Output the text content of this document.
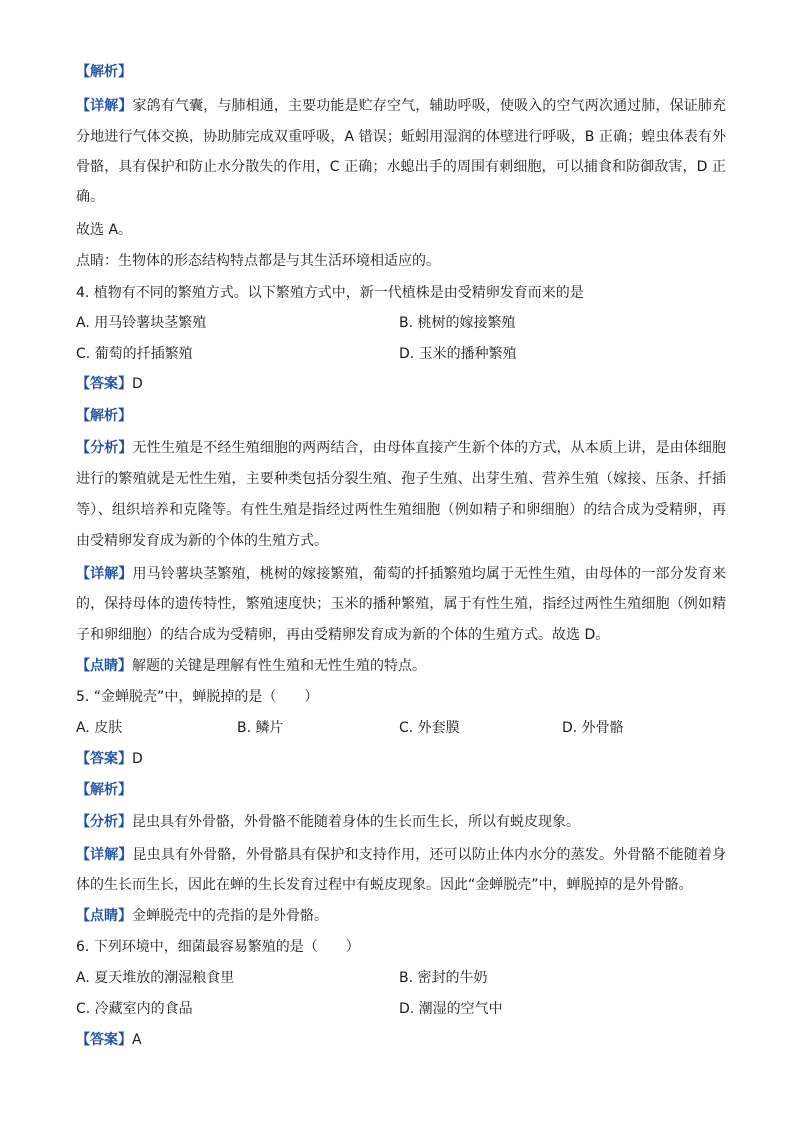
【解析】
【详解】家鸽有气囊，与肺相通，主要功能是贮存空气，辅助呼吸，使吸入的空气两次通过肺，保证肺充
分地进行气体交换，协助肺完成双重呼吸，A 错误；蚯蚓用湿润的体壁进行呼吸，B 正确；蝗虫体表有外
骨骼，具有保护和防止水分散失的作用，C 正确；水螅出手的周围有刺细胞，可以捕食和防御敌害，D 正
确。
故选 A。
点睛：生物体的形态结构特点都是与其生活环境相适应的。
4. 植物有不同的繁殖方式。以下繁殖方式中，新一代植株是由受精卵发育而来的是
A. 用马铃薯块茎繁殖	B. 桃树的嫁接繁殖
C. 葡萄的扦插繁殖	D. 玉米的播种繁殖
【答案】D
【解析】
【分析】无性生殖是不经生殖细胞的两两结合，由母体直接产生新个体的方式，从本质上讲，是由体细胞
进行的繁殖就是无性生殖，主要种类包括分裂生殖、孢子生殖、出芽生殖、营养生殖（嫁接、压条、扦插
等）、组织培养和克隆等。有性生殖是指经过两性生殖细胞（例如精子和卵细胞）的结合成为受精卵，再
由受精卵发育成为新的个体的生殖方式。
【详解】用马铃薯块茎繁殖，桃树的嫁接繁殖，葡萄的扦插繁殖均属于无性生殖，由母体的一部分发育来
的，保持母体的遗传特性，繁殖速度快；玉米的播种繁殖，属于有性生殖，指经过两性生殖细胞（例如精
子和卵细胞）的结合成为受精卵，再由受精卵发育成为新的个体的生殖方式。故选 D。
【点睛】解题的关键是理解有性生殖和无性生殖的特点。
5. “金蝉脱壳”中，蝉脱掉的是（　　）
A. 皮肤	B. 鳞片	C. 外套膜	D. 外骨骼
【答案】D
【解析】
【分析】昆虫具有外骨骼，外骨骼不能随着身体的生长而生长，所以有蜕皮现象。
【详解】昆虫具有外骨骼，外骨骼具有保护和支持作用，还可以防止体内水分的蒸发。外骨骼不能随着身
体的生长而生长，因此在蝉的生长发育过程中有蜕皮现象。因此“金蝉脱壳”中，蝉脱掉的是外骨骼。
【点睛】金蝉脱壳中的壳指的是外骨骼。
6. 下列环境中，细菌最容易繁殖的是（　　）
A. 夏天堆放的潮湿粮食里	B. 密封的牛奶
C. 冷藏室内的食品	D. 潮湿的空气中
【答案】A
